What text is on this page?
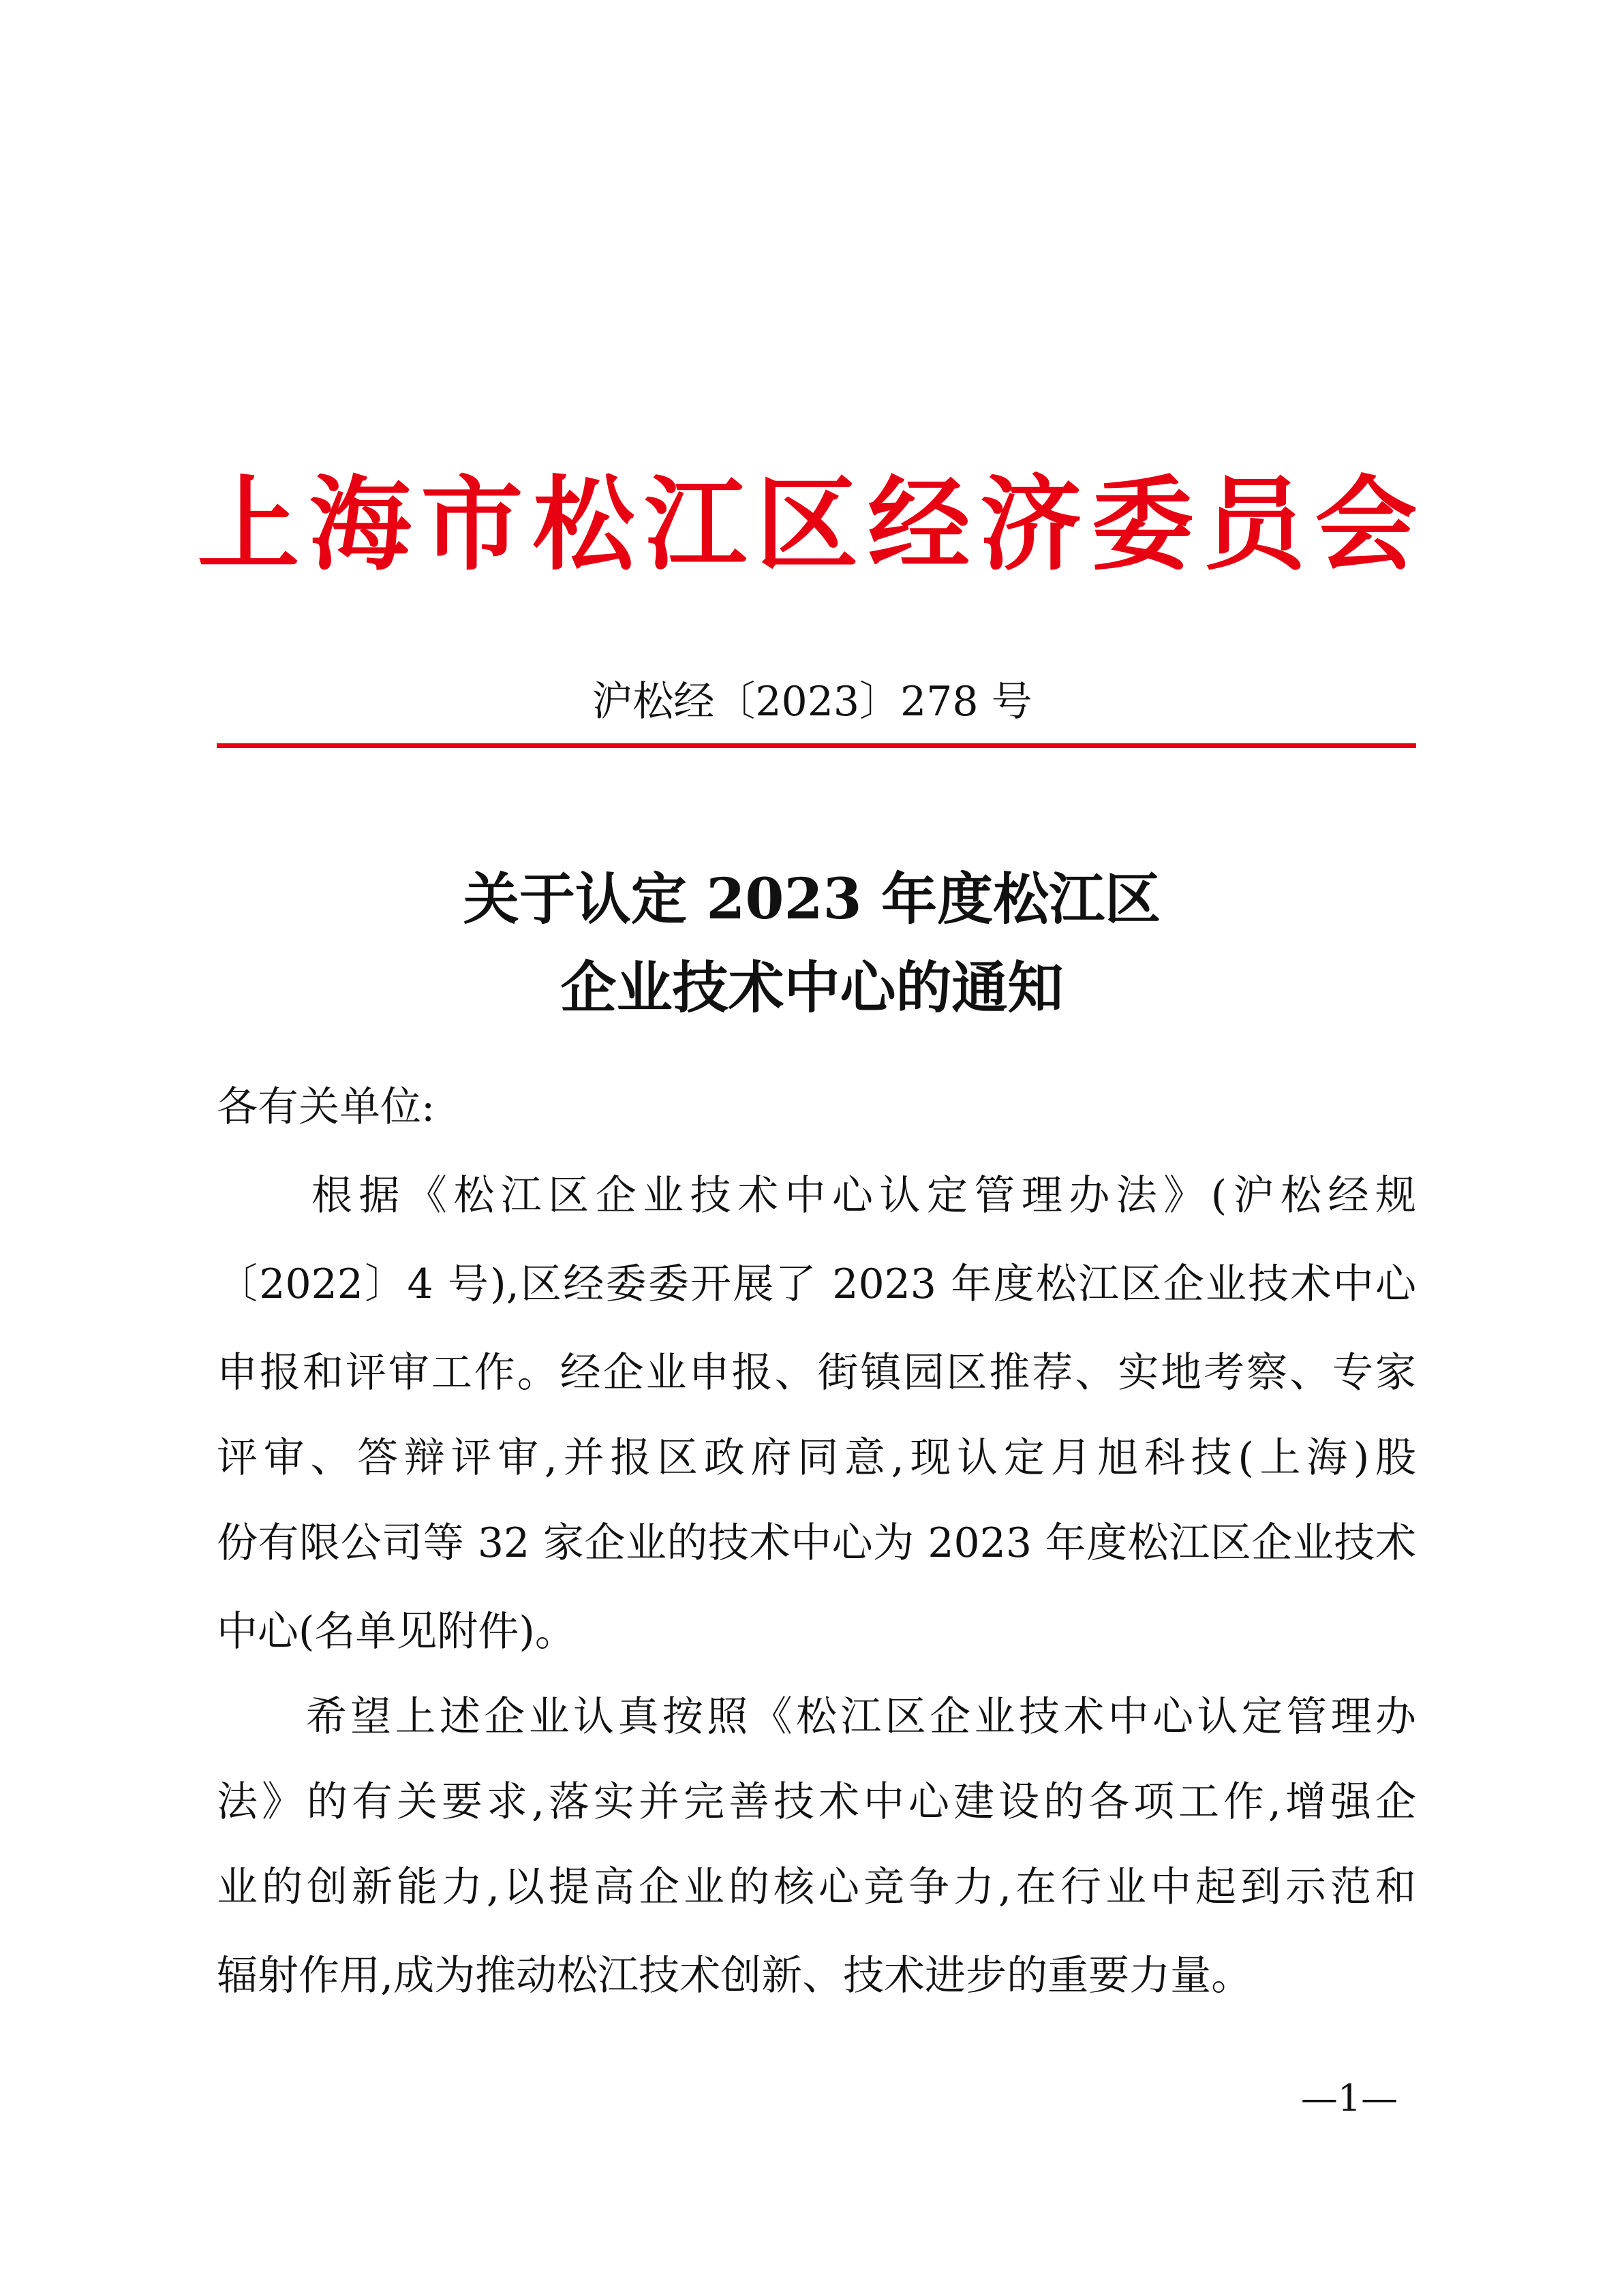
上海市松江区经济委员会
沪松经〔2023〕278 号
关于认定 2023 年度松江区
企业技术中心的通知
各有关单位:
　　根据《松江区企业技术中心认定管理办法》(沪松经规
〔2022〕4 号),区经委委开展了 2023 年度松江区企业技术中心
申报和评审工作。经企业申报、街镇园区推荐、实地考察、专家
评审、答辩评审,并报区政府同意,现认定月旭科技(上海)股
份有限公司等 32 家企业的技术中心为 2023 年度松江区企业技术
中心(名单见附件)。
　　希望上述企业认真按照《松江区企业技术中心认定管理办
法》的有关要求,落实并完善技术中心建设的各项工作,增强企
业的创新能力,以提高企业的核心竞争力,在行业中起到示范和
辐射作用,成为推动松江技术创新、技术进步的重要力量。
—1—
